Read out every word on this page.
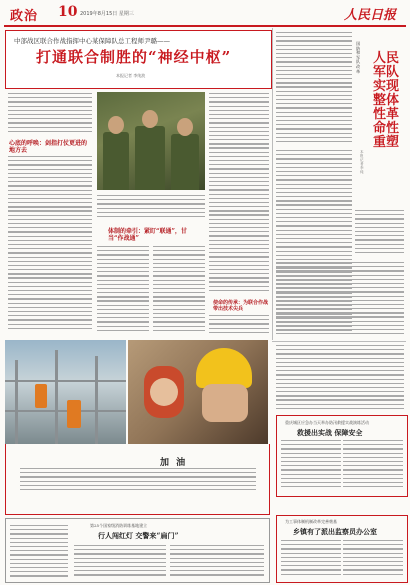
政治 10 2019年8月15日 星期三	人民日报
中部战区联合作战指挥中心某保障队总工程师尹璐——
打通联合制胜的“神经中枢”
本报记者 李纯波
心底的呼唤：剑指打仗更进的地方去
体制的牵引：紧盯“联通”，甘当“作战通”
使命的传承：为联合作战带出技术尖兵
国防和军队改革
人民军队实现整体性革命性重塑
本报记者 李 纯
重庆城区应急办当天举办防汛救援实战演练活动
救援出实战 保障安全
为工事体制机制改革完善奠基
乡镇有了派出监察员办公室
加 油
第25个国家级消防训练基地建立
行人闯红灯 交警来“扁门”
